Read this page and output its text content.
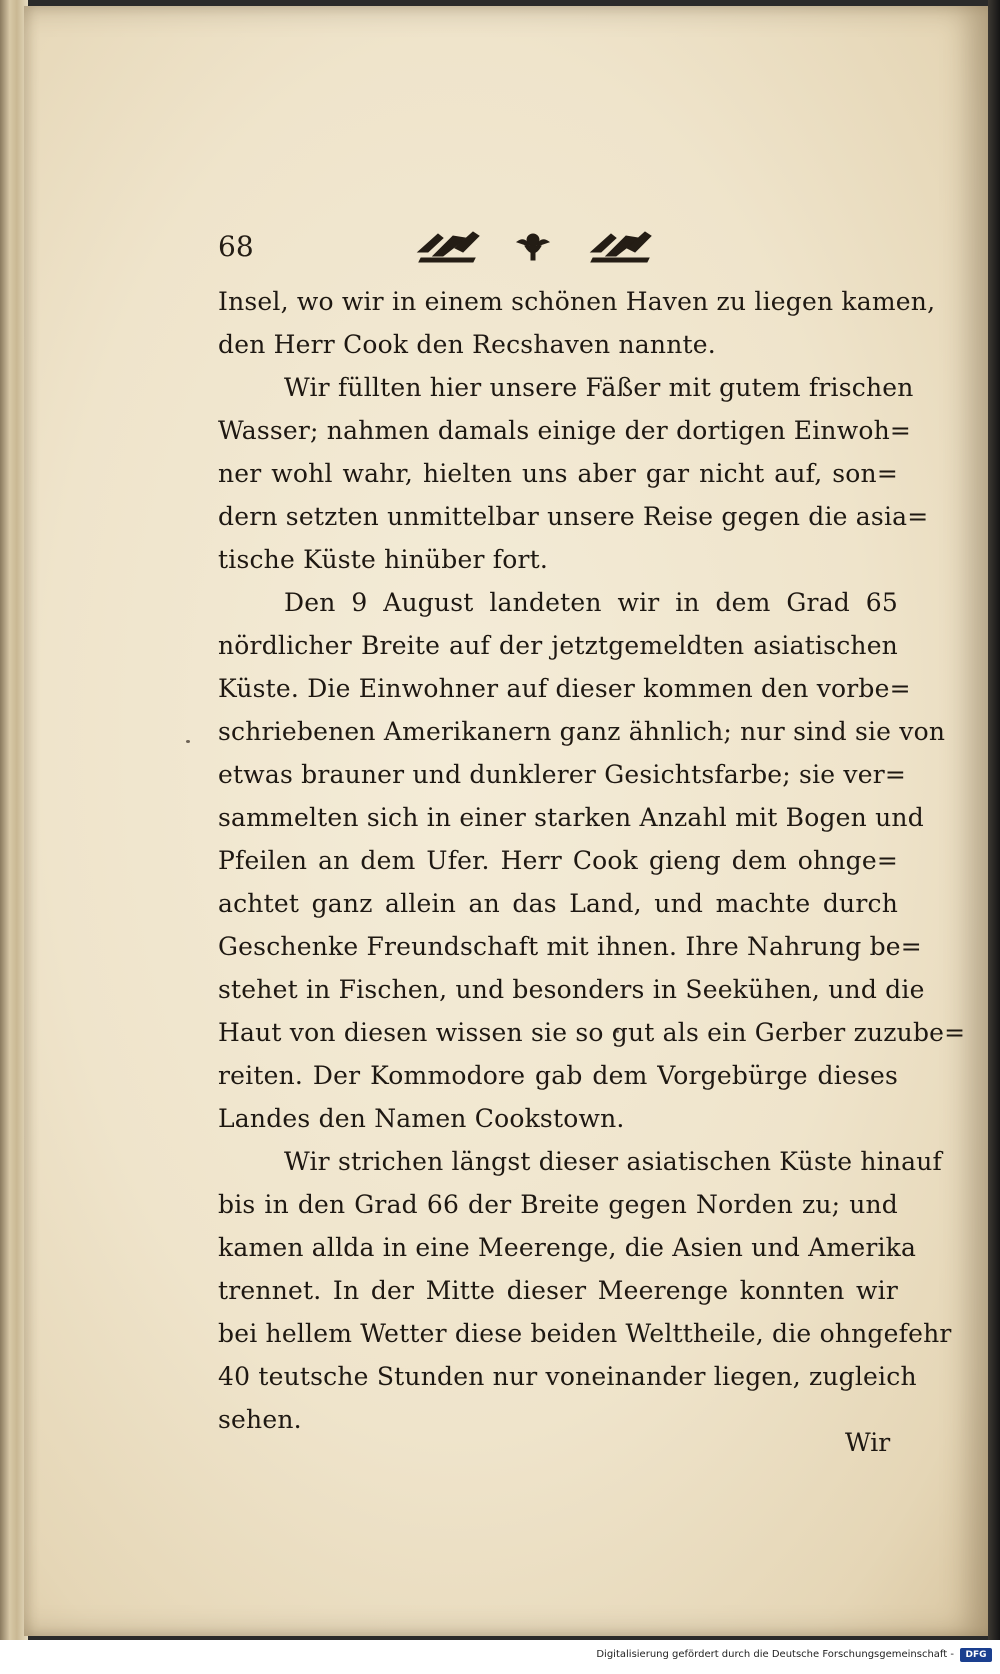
68
Insel, wo wir in einem schönen Haven zu liegen kamen,
den Herr Cook den Recshaven nannte.
Wir füllten hier unsere Fäßer mit gutem frischen
Wasser; nahmen damals einige der dortigen Einwoh=
ner wohl wahr, hielten uns aber gar nicht auf, son=
dern setzten unmittelbar unsere Reise gegen die asia=
tische Küste hinüber fort.
Den 9 August landeten wir in dem Grad 65
nördlicher Breite auf der jetztgemeldten asiatischen
Küste. Die Einwohner auf dieser kommen den vorbe=
schriebenen Amerikanern ganz ähnlich; nur sind sie von
etwas brauner und dunklerer Gesichtsfarbe; sie ver=
sammelten sich in einer starken Anzahl mit Bogen und
Pfeilen an dem Ufer. Herr Cook gieng dem ohnge=
achtet ganz allein an das Land, und machte durch
Geschenke Freundschaft mit ihnen. Ihre Nahrung be=
stehet in Fischen, und besonders in Seekühen, und die
Haut von diesen wissen sie so gut als ein Gerber zuzube=
reiten. Der Kommodore gab dem Vorgebürge dieses
Landes den Namen Cookstown.
Wir strichen längst dieser asiatischen Küste hinauf
bis in den Grad 66 der Breite gegen Norden zu; und
kamen allda in eine Meerenge, die Asien und Amerika
trennet. In der Mitte dieser Meerenge konnten wir
bei hellem Wetter diese beiden Welttheile, die ohngefehr
40 teutsche Stunden nur voneinander liegen, zugleich
sehen.
Wir
Digitalisierung gefördert durch die Deutsche Forschungsgemeinschaft -	DFG
